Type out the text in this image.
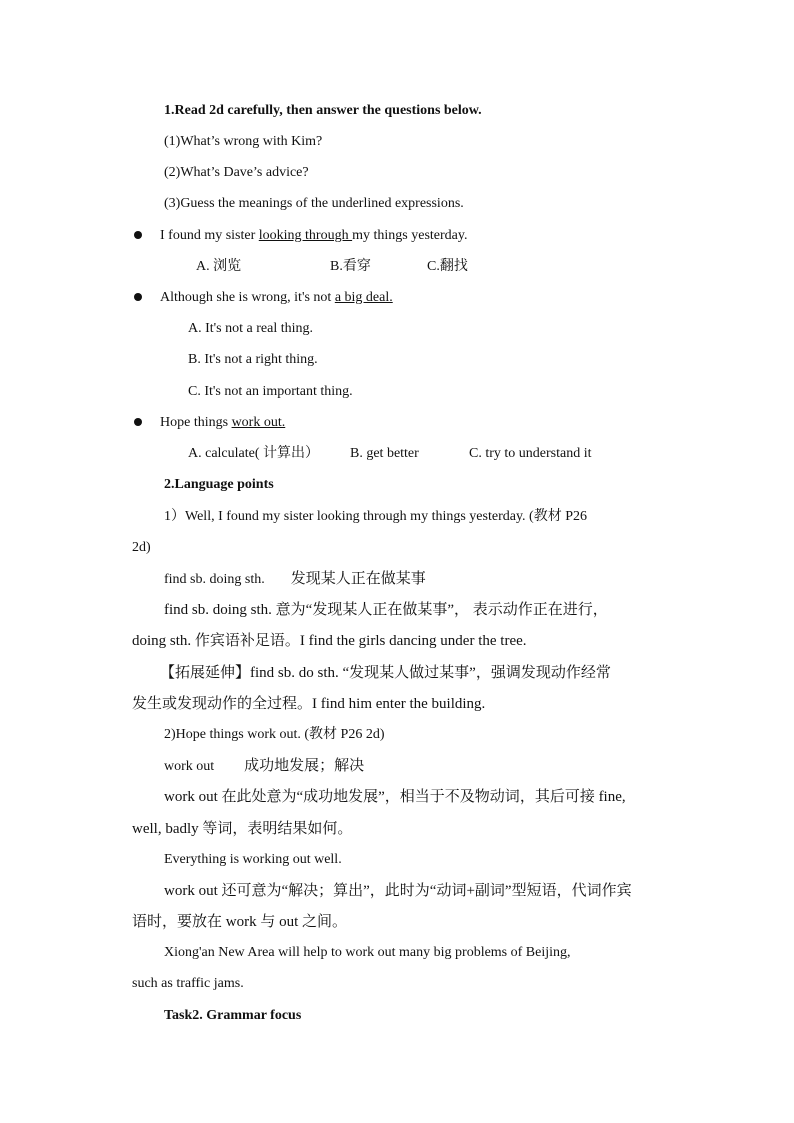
1.Read 2d carefully, then answer the questions below.
(1)What’s wrong with Kim?
(2)What’s Dave’s advice?
(3)Guess the meanings of the underlined expressions.
I found my sister looking through my things yesterday.
A. 浏览	B.看穿	C.翻找
Although she is wrong, it's not a big deal.
A. It's not a real thing.
B. It's not a right thing.
C. It's not an important thing.
Hope things work out.
A. calculate( 计算出） B. get better	C. try to understand it
2.Language points
1）Well, I found my sister looking through my things yesterday. (教材 P26
2d)
find sb. doing sth. 发现某人正在做某事
find sb. doing sth. 意为“发现某人正在做某事”， 表示动作正在进行，
doing sth. 作宾语补足语。I find the girls dancing under the tree.
【拓展延伸】find sb. do sth. “发现某人做过某事”，强调发现动作经常
发生或发现动作的全过程。I find him enter the building.
2)Hope things work out. (教材 P26 2d)
work out 成功地发展；解决
work out 在此处意为“成功地发展”，相当于不及物动词，其后可接 fine,
well, badly 等词，表明结果如何。
Everything is working out well.
work out 还可意为“解决；算出”，此时为“动词+副词”型短语，代词作宾
语时，要放在 work 与 out 之间。
Xiong'an New Area will help to work out many big problems of Beijing,
such as traffic jams.
Task2. Grammar focus
